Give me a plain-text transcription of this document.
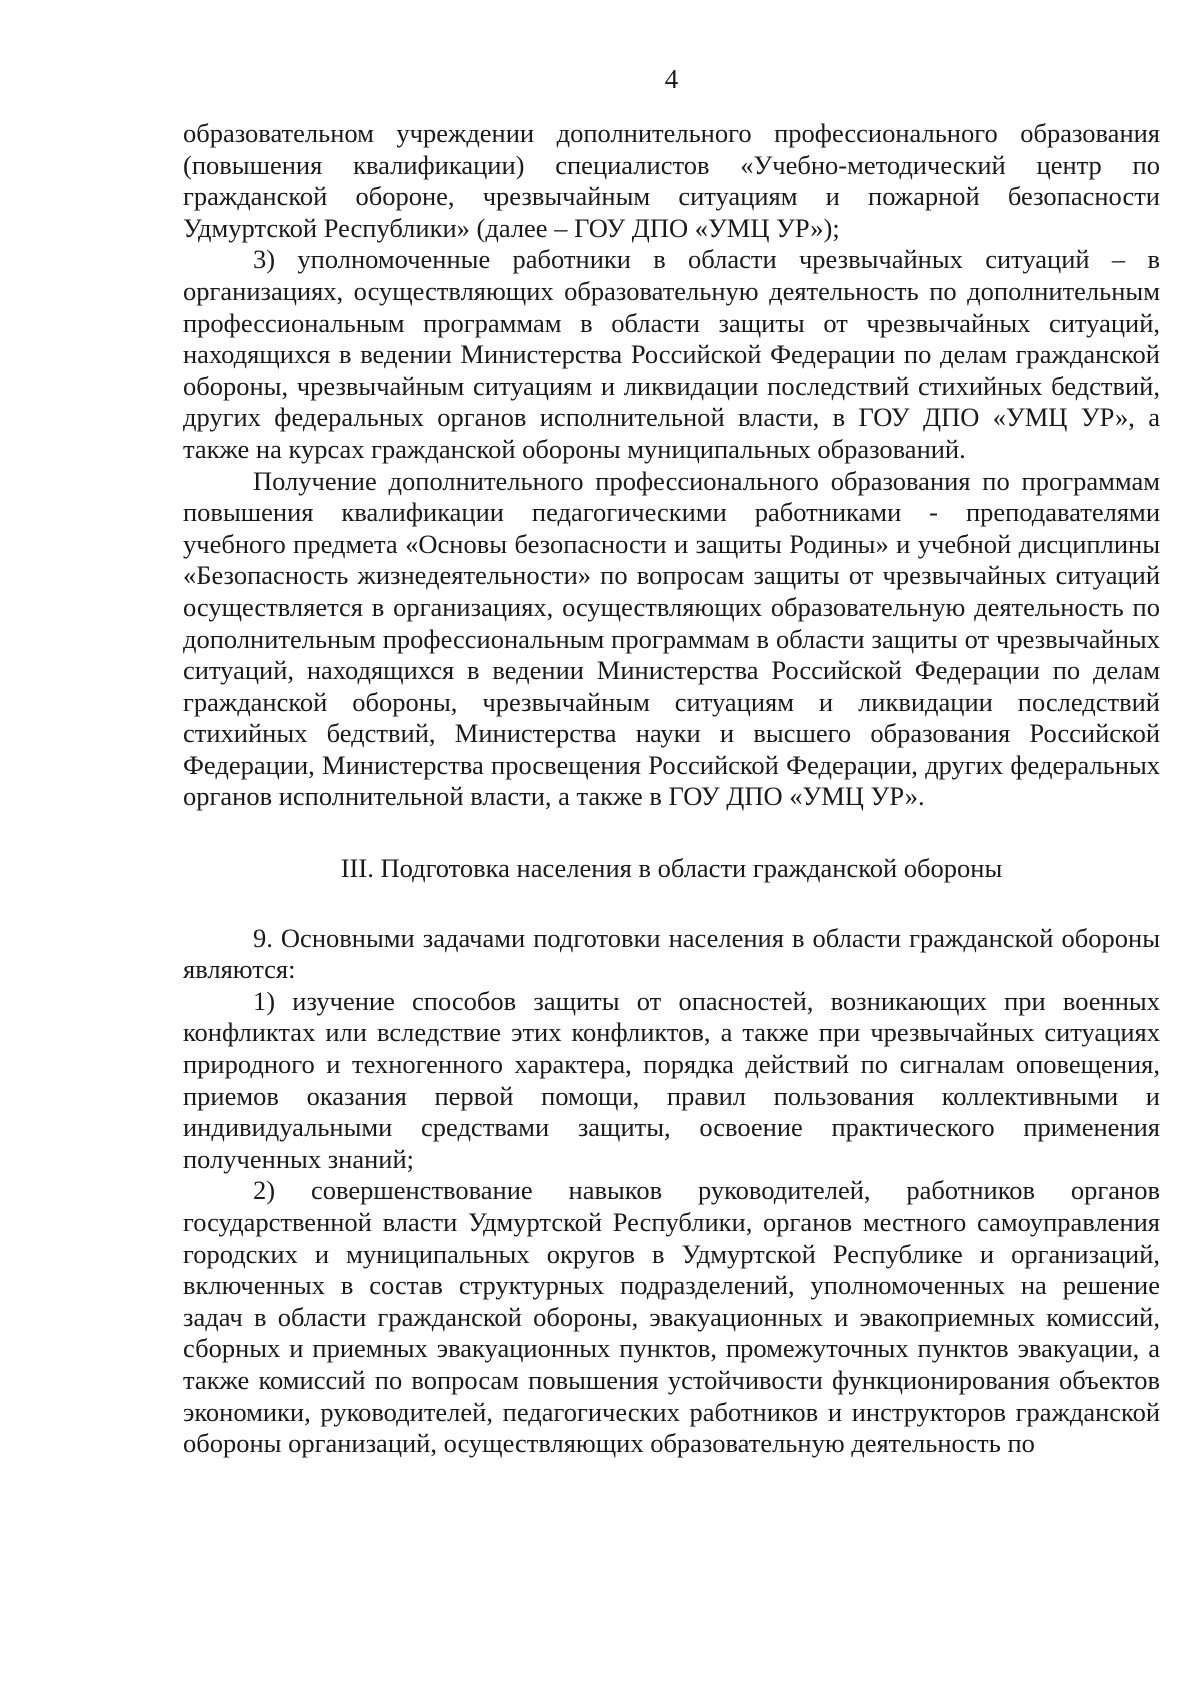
4

образовательном учреждении дополнительного профессионального образования (повышения квалификации) специалистов «Учебно-методический центр по гражданской обороне, чрезвычайным ситуациям и пожарной безопасности Удмуртской Республики» (далее – ГОУ ДПО «УМЦ УР»);

3) уполномоченные работники в области чрезвычайных ситуаций – в организациях, осуществляющих образовательную деятельность по дополнительным профессиональным программам в области защиты от чрезвычайных ситуаций, находящихся в ведении Министерства Российской Федерации по делам гражданской обороны, чрезвычайным ситуациям и ликвидации последствий стихийных бедствий, других федеральных органов исполнительной власти, в ГОУ ДПО «УМЦ УР», а также на курсах гражданской обороны муниципальных образований.

Получение дополнительного профессионального образования по программам повышения квалификации педагогическими работниками - преподавателями учебного предмета «Основы безопасности и защиты Родины» и учебной дисциплины «Безопасность жизнедеятельности» по вопросам защиты от чрезвычайных ситуаций осуществляется в организациях, осуществляющих образовательную деятельность по дополнительным профессиональным программам в области защиты от чрезвычайных ситуаций, находящихся в ведении Министерства Российской Федерации по делам гражданской обороны, чрезвычайным ситуациям и ликвидации последствий стихийных бедствий, Министерства науки и высшего образования Российской Федерации, Министерства просвещения Российской Федерации, других федеральных органов исполнительной власти, а также в ГОУ ДПО «УМЦ УР».

III. Подготовка населения в области гражданской обороны

9. Основными задачами подготовки населения в области гражданской обороны являются:

1) изучение способов защиты от опасностей, возникающих при военных конфликтах или вследствие этих конфликтов, а также при чрезвычайных ситуациях природного и техногенного характера, порядка действий по сигналам оповещения, приемов оказания первой помощи, правил пользования коллективными и индивидуальными средствами защиты, освоение практического применения полученных знаний;

2) совершенствование навыков руководителей, работников органов государственной власти Удмуртской Республики, органов местного самоуправления городских и муниципальных округов в Удмуртской Республике и организаций, включенных в состав структурных подразделений, уполномоченных на решение задач в области гражданской обороны, эвакуационных и эвакоприемных комиссий, сборных и приемных эвакуационных пунктов, промежуточных пунктов эвакуации, а также комиссий по вопросам повышения устойчивости функционирования объектов экономики, руководителей, педагогических работников и инструкторов гражданской обороны организаций, осуществляющих образовательную деятельность по
